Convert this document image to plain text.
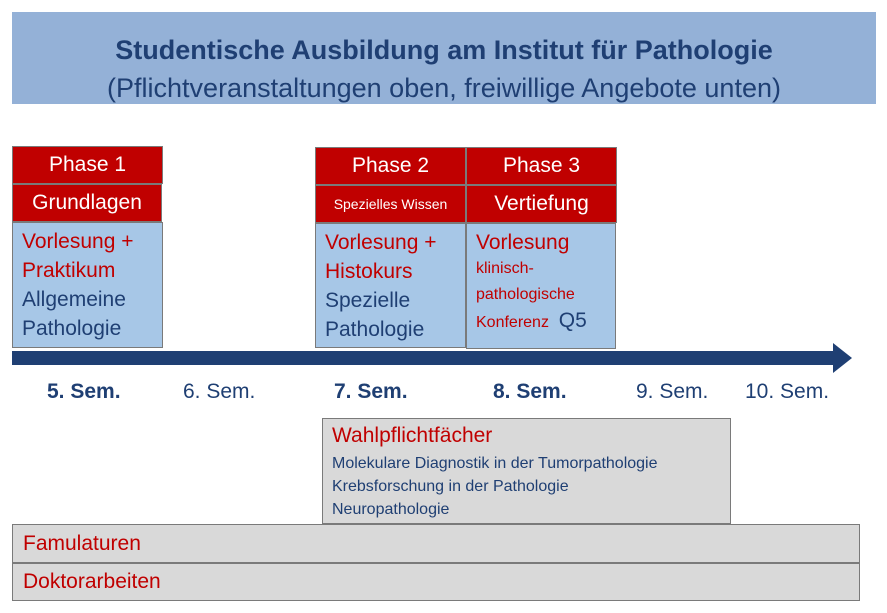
Studentische Ausbildung am Institut für Pathologie
(Pflichtveranstaltungen oben, freiwillige Angebote unten)
Phase 1
Grundlagen
Vorlesung +
Praktikum
Allgemeine
Pathologie
Phase 2
Spezielles Wissen
Vorlesung +
Histokurs
Spezielle
Pathologie
Phase 3
Vertiefung
Vorlesung
klinisch-
pathologische
Konferenz Q5
5. Sem.	6. Sem.	7. Sem.	8. Sem.	9. Sem. 10. Sem.
Wahlpflichtfächer
Molekulare Diagnostik in der Tumorpathologie
Krebsforschung in der Pathologie
Neuropathologie
Famulaturen
Doktorarbeiten
